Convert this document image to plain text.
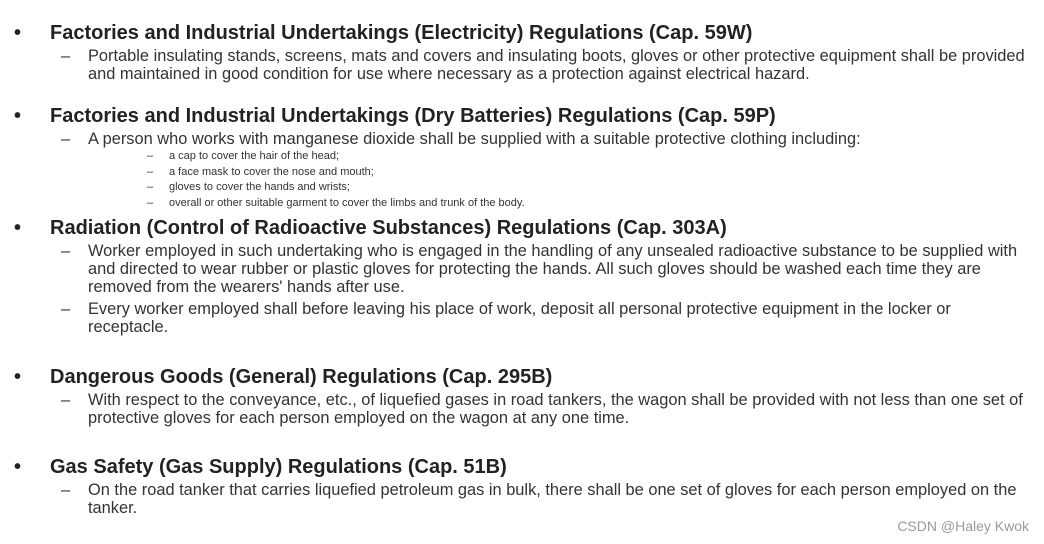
• Factories and Industrial Undertakings (Electricity) Regulations (Cap. 59W)
– Portable insulating stands, screens, mats and covers and insulating boots, gloves or other protective equipment shall be provided and maintained in good condition for use where necessary as a protection against electrical hazard.
• Factories and Industrial Undertakings (Dry Batteries) Regulations (Cap. 59P)
– A person who works with manganese dioxide shall be supplied with a suitable protective clothing including:
– a cap to cover the hair of the head;
– a face mask to cover the nose and mouth;
– gloves to cover the hands and wrists;
– overall or other suitable garment to cover the limbs and trunk of the body.
• Radiation (Control of Radioactive Substances) Regulations (Cap. 303A)
– Worker employed in such undertaking who is engaged in the handling of any unsealed radioactive substance to be supplied with and directed to wear rubber or plastic gloves for protecting the hands. All such gloves should be washed each time they are removed from the wearers' hands after use.
– Every worker employed shall before leaving his place of work, deposit all personal protective equipment in the locker or receptacle.
• Dangerous Goods (General) Regulations (Cap. 295B)
– With respect to the conveyance, etc., of liquefied gases in road tankers, the wagon shall be provided with not less than one set of protective gloves for each person employed on the wagon at any one time.
• Gas Safety (Gas Supply) Regulations (Cap. 51B)
– On the road tanker that carries liquefied petroleum gas in bulk, there shall be one set of gloves for each person employed on the tanker.
CSDN @Haley Kwok
